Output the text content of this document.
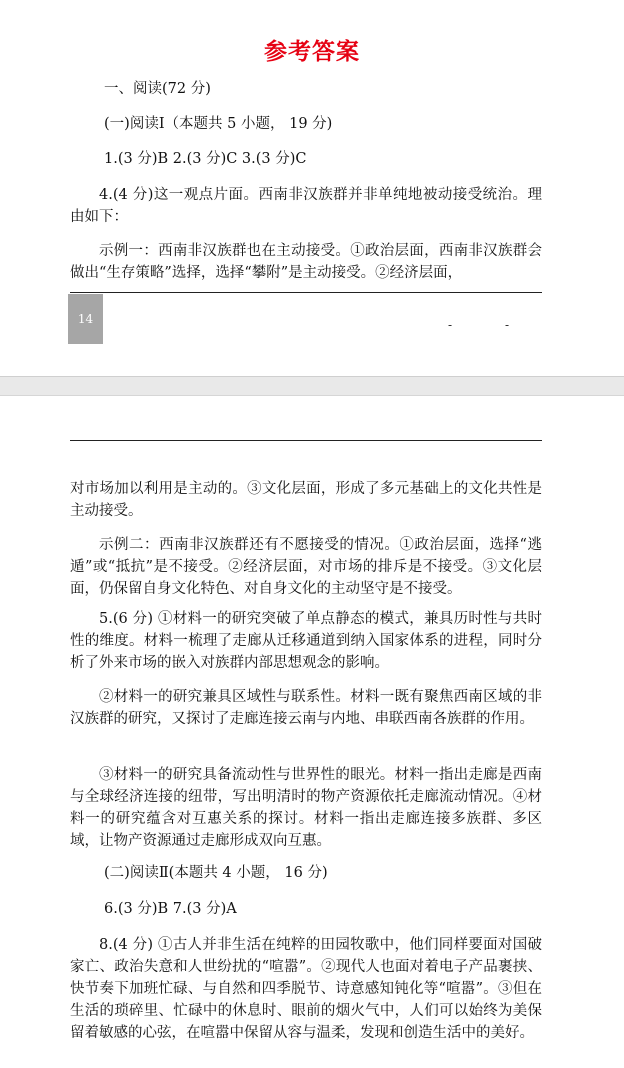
参考答案
一、阅读(72 分)
(一)阅读Ⅰ（本题共 5 小题， 19 分)
1.(3 分)B 2.(3 分)C 3.(3 分)C
4.(4 分)这一观点片面。西南非汉族群并非单纯地被动接受统治。理由如下：
示例一：西南非汉族群也在主动接受。①政治层面，西南非汉族群会做出“生存策略”选择，选择“攀附”是主动接受。②经济层面，
14	-	-
对市场加以利用是主动的。③文化层面，形成了多元基础上的文化共性是主动接受。
示例二：西南非汉族群还有不愿接受的情况。①政治层面，选择“逃遁”或“抵抗”是不接受。②经济层面，对市场的排斥是不接受。③文化层面，仍保留自身文化特色、对自身文化的主动坚守是不接受。
5.(6 分) ①材料一的研究突破了单点静态的模式，兼具历时性与共时性的维度。材料一梳理了走廊从迁移通道到纳入国家体系的进程，同时分析了外来市场的嵌入对族群内部思想观念的影响。
②材料一的研究兼具区域性与联系性。材料一既有聚焦西南区域的非汉族群的研究，又探讨了走廊连接云南与内地、串联西南各族群的作用。
③材料一的研究具备流动性与世界性的眼光。材料一指出走廊是西南与全球经济连接的纽带，写出明清时的物产资源依托走廊流动情况。④材料一的研究蕴含对互惠关系的探讨。材料一指出走廊连接多族群、多区域，让物产资源通过走廊形成双向互惠。
(二)阅读Ⅱ(本题共 4 小题， 16 分)
6.(3 分)B 7.(3 分)A
8.(4 分) ①古人并非生活在纯粹的田园牧歌中，他们同样要面对国破家亡、政治失意和人世纷扰的“喧嚣”。②现代人也面对着电子产品裹挟、快节奏下加班忙碌、与自然和四季脱节、诗意感知钝化等“喧嚣”。③但在生活的琐碎里、忙碌中的休息时、眼前的烟火气中，人们可以始终为美保留着敏感的心弦，在喧嚣中保留从容与温柔，发现和创造生活中的美好。
